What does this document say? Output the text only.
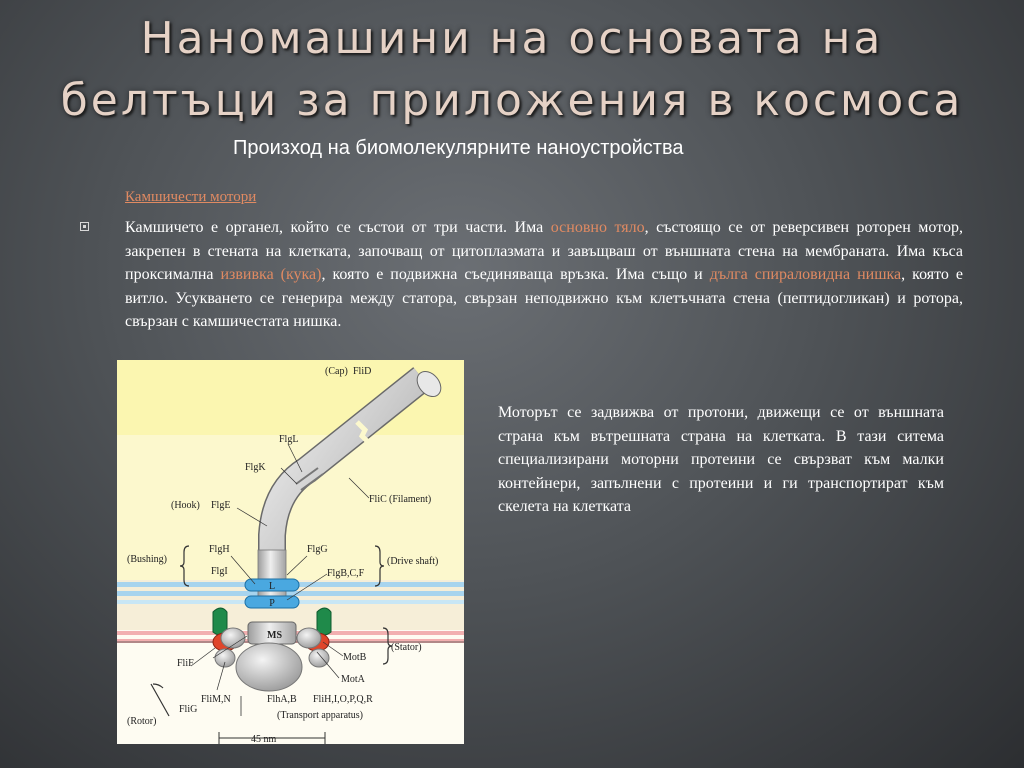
Наномашини на основата на
белтъци за приложения в космоса
Произход на биомолекулярните наноустройства
Камшичести мотори
Камшичето е органел, който се състои от три части. Има основно тяло, състоящо се от реверсивен роторен мотор, закрепен в стената на клетката, започващ от цитоплазмата и завъщваш от външната стена на мембраната. Има къса проксимална извивка (кука), която е подвижна съединяваща връзка. Има също и дълга спираловидна нишка, която е витло. Усукването се генерира между статора, свързан неподвижно към клетъчната стена (пептидогликан) и ротора, свързан с камшичестата нишка.
L
P
MS
(Cap) FliD
FlgL
FlgK
FliC (Filament)
(Hook) FlgE
(Bushing)
FlgH
FlgI
FlgG
(Drive shaft)
FlgB,C,F
FliF
MotB
(Stator)
MotA
FliM,N	FlhA,B FliH,I,O,P,Q,R
FliG
(Rotor)
(Transport apparatus)
45 nm
Моторът се задвижва от протони, движещи се от външната страна към вътрешната страна на клетката. В тази ситема специализирани моторни протеини се свързват към малки контейнери, запълнени с протеини и ги транспортират към скелета на клетката
